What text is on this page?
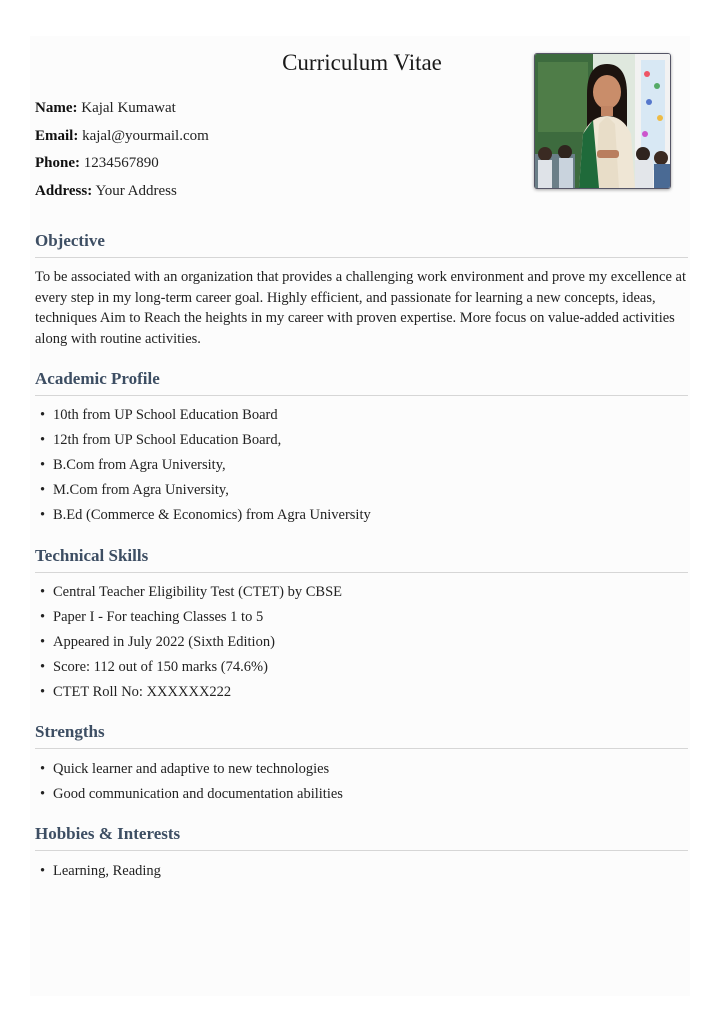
Curriculum Vitae
Name: Kajal Kumawat
Email: kajal@yourmail.com
Phone: 1234567890
Address: Your Address
Objective
To be associated with an organization that provides a challenging work environment and prove my excellence at every step in my long-term career goal. Highly efficient, and passionate for learning a new concepts, ideas, techniques Aim to Reach the heights in my career with proven expertise. More focus on value-added activities along with routine activities.
Academic Profile
• 10th from UP School Education Board
• 12th from UP School Education Board,
• B.Com from Agra University,
• M.Com from Agra University,
• B.Ed (Commerce & Economics) from Agra University
Technical Skills
• Central Teacher Eligibility Test (CTET) by CBSE
• Paper I - For teaching Classes 1 to 5
• Appeared in July 2022 (Sixth Edition)
• Score: 112 out of 150 marks (74.6%)
• CTET Roll No: XXXXXX222
Strengths
• Quick learner and adaptive to new technologies
• Good communication and documentation abilities
Hobbies & Interests
• Learning, Reading
